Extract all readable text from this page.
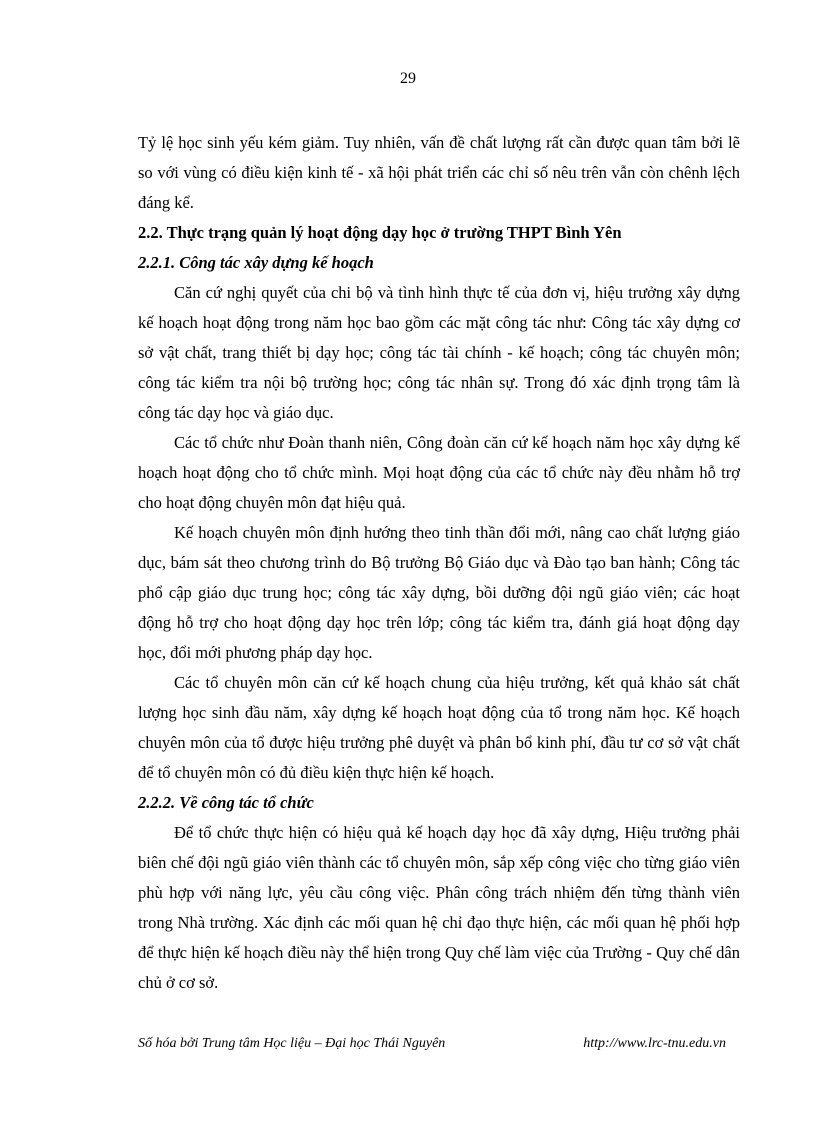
29

Tỷ lệ học sinh yếu kém giảm. Tuy nhiên, vấn đề chất lượng rất cần được quan tâm bởi lẽ so với vùng có điều kiện kinh tế - xã hội phát triển các chỉ số nêu trên vẫn còn chênh lệch đáng kể.

2.2. Thực trạng quản lý hoạt động dạy học ở trường THPT Bình Yên

2.2.1. Công tác xây dựng kế hoạch

Căn cứ nghị quyết của chi bộ và tình hình thực tế của đơn vị, hiệu trưởng xây dựng kế hoạch hoạt động trong năm học bao gồm các mặt công tác như: Công tác xây dựng cơ sở vật chất, trang thiết bị dạy học; công tác tài chính - kế hoạch; công tác chuyên môn; công tác kiểm tra nội bộ trường học; công tác nhân sự. Trong đó xác định trọng tâm là công tác dạy học và giáo dục.

Các tổ chức như Đoàn thanh niên, Công đoàn căn cứ kế hoạch năm học xây dựng kế hoạch hoạt động cho tổ chức mình. Mọi hoạt động của các tổ chức này đều nhằm hỗ trợ cho hoạt động chuyên môn đạt hiệu quả.

Kế hoạch chuyên môn định hướng theo tinh thần đổi mới, nâng cao chất lượng giáo dục, bám sát theo chương trình do Bộ trưởng Bộ Giáo dục và Đào tạo ban hành; Công tác phổ cập giáo dục trung học; công tác xây dựng, bồi dưỡng đội ngũ giáo viên; các hoạt động hỗ trợ cho hoạt động dạy học trên lớp; công tác kiểm tra, đánh giá hoạt động dạy học, đổi mới phương pháp dạy học.

Các tổ chuyên môn căn cứ kế hoạch chung của hiệu trưởng, kết quả khảo sát chất lượng học sinh đầu năm, xây dựng kế hoạch hoạt động của tổ trong năm học. Kế hoạch chuyên môn của tổ được hiệu trưởng phê duyệt và phân bổ kinh phí, đầu tư cơ sở vật chất để tổ chuyên môn có đủ điều kiện thực hiện kế hoạch.

2.2.2. Về công tác tổ chức

Để tổ chức thực hiện có hiệu quả kế hoạch dạy học đã xây dựng, Hiệu trưởng phải biên chế đội ngũ giáo viên thành các tổ chuyên môn, sắp xếp công việc cho từng giáo viên phù hợp với năng lực, yêu cầu công việc. Phân công trách nhiệm đến từng thành viên trong Nhà trường. Xác định các mối quan hệ chỉ đạo thực hiện, các mối quan hệ phối hợp để thực hiện kế hoạch điều này thể hiện trong Quy chế làm việc của Trường - Quy chế dân chủ ở cơ sở.

Số hóa bởi Trung tâm Học liệu – Đại học Thái Nguyên	http://www.lrc-tnu.edu.vn
